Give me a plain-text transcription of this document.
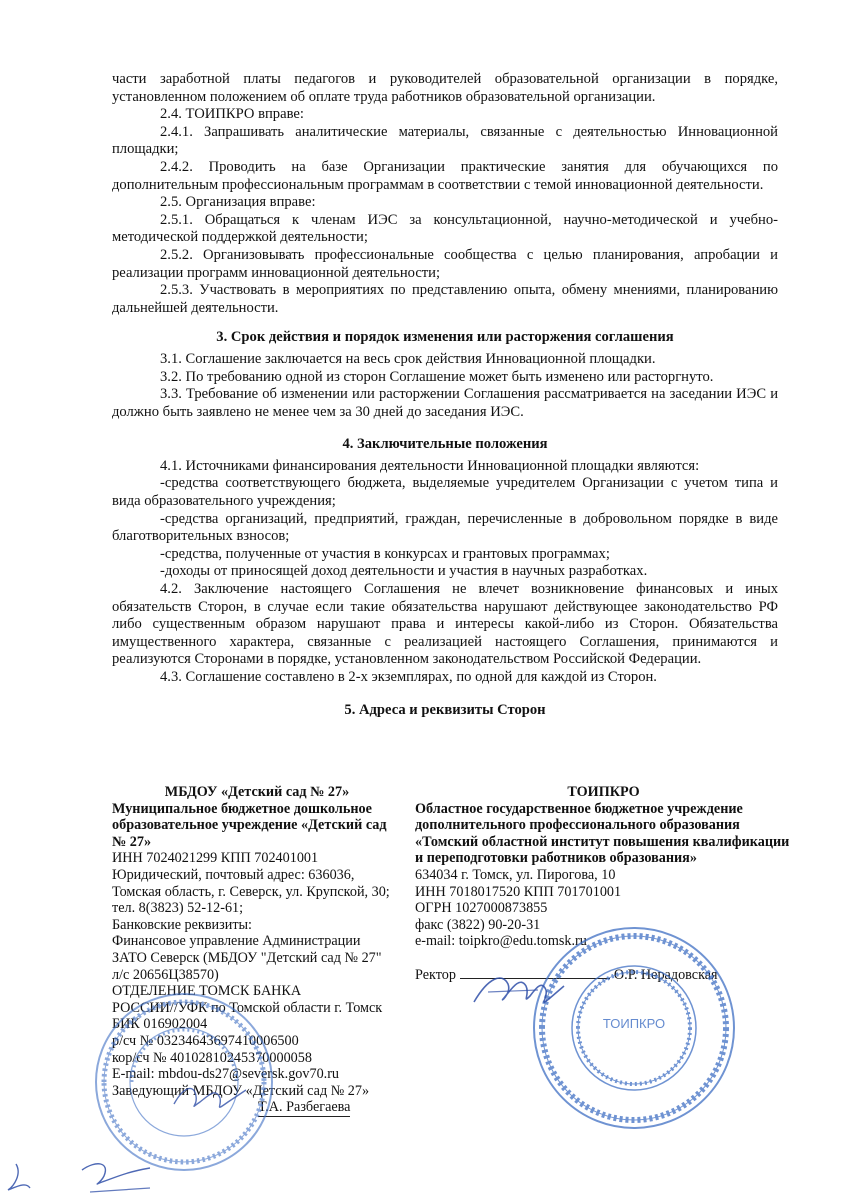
части заработной платы педагогов и руководителей образовательной организации в порядке, установленном положением об оплате труда работников образовательной организации.

2.4. ТОИПКРО вправе:

2.4.1. Запрашивать аналитические материалы, связанные с деятельностью Инновационной площадки;

2.4.2. Проводить на базе Организации практические занятия для обучающихся по дополнительным профессиональным программам в соответствии с темой инновационной деятельности.

2.5. Организация вправе:

2.5.1. Обращаться к членам ИЭС за консультационной, научно-методической и учебно-методической поддержкой деятельности;

2.5.2. Организовывать профессиональные сообщества с целью планирования, апробации и реализации программ инновационной деятельности;

2.5.3. Участвовать в мероприятиях по представлению опыта, обмену мнениями, планированию дальнейшей деятельности.

3. Срок действия и порядок изменения или расторжения соглашения

3.1. Соглашение заключается на весь срок действия Инновационной площадки.

3.2. По требованию одной из сторон Соглашение может быть изменено или расторгнуто.

3.3. Требование об изменении или расторжении Соглашения рассматривается на заседании ИЭС и должно быть заявлено не менее чем за 30 дней до заседания ИЭС.

4. Заключительные положения

4.1. Источниками финансирования деятельности Инновационной площадки являются:

-средства соответствующего бюджета, выделяемые учредителем Организации с учетом типа и вида образовательного учреждения;

-средства организаций, предприятий, граждан, перечисленные в добровольном порядке в виде благотворительных взносов;

-средства, полученные от участия в конкурсах и грантовых программах;

-доходы от приносящей доход деятельности и участия в научных разработках.

4.2. Заключение настоящего Соглашения не влечет возникновение финансовых и иных обязательств Сторон, в случае если такие обязательства нарушают действующее законодательство РФ либо существенным образом нарушают права и интересы какой-либо из Сторон. Обязательства имущественного характера, связанные с реализацией настоящего Соглашения, принимаются и реализуются Сторонами в порядке, установленном законодательством Российской Федерации.

4.3. Соглашение составлено в 2-х экземплярах, по одной для каждой из Сторон.

5. Адреса и реквизиты Сторон

МБДОУ «Детский сад № 27»

Муниципальное бюджетное дошкольное образовательное учреждение «Детский сад № 27»

ИНН 7024021299 КПП 702401001

Юридический, почтовый адрес: 636036,

Томская область, г. Северск, ул. Крупской, 30;

тел. 8(3823) 52-12-61;

Банковские реквизиты:

Финансовое управление Администрации

ЗАТО Северск (МБДОУ "Детский сад № 27"

л/с 20656Ц38570)

ОТДЕЛЕНИЕ ТОМСК БАНКА

РОССИИ//УФК по Томской области г. Томск

БИК 016902004

р/сч № 03234643697410006500

кор/сч № 40102810245370000058

E-mail: mbdou-ds27@seversk.gov70.ru

Заведующий МБДОУ «Детский сад № 27»

Т.А. Разбегаева

ТОИПКРО

Областное государственное бюджетное учреждение дополнительного профессионального образования «Томский областной институт повышения квалификации и переподготовки работников образования»

634034 г. Томск, ул. Пирогова, 10

ИНН 7018017520 КПП 701701001

ОГРН 1027000873855

факс (3822) 90-20-31

e-mail: toipkro@edu.tomsk.ru

Ректор	О.Р. Нерадовская

ТОИПКРО
